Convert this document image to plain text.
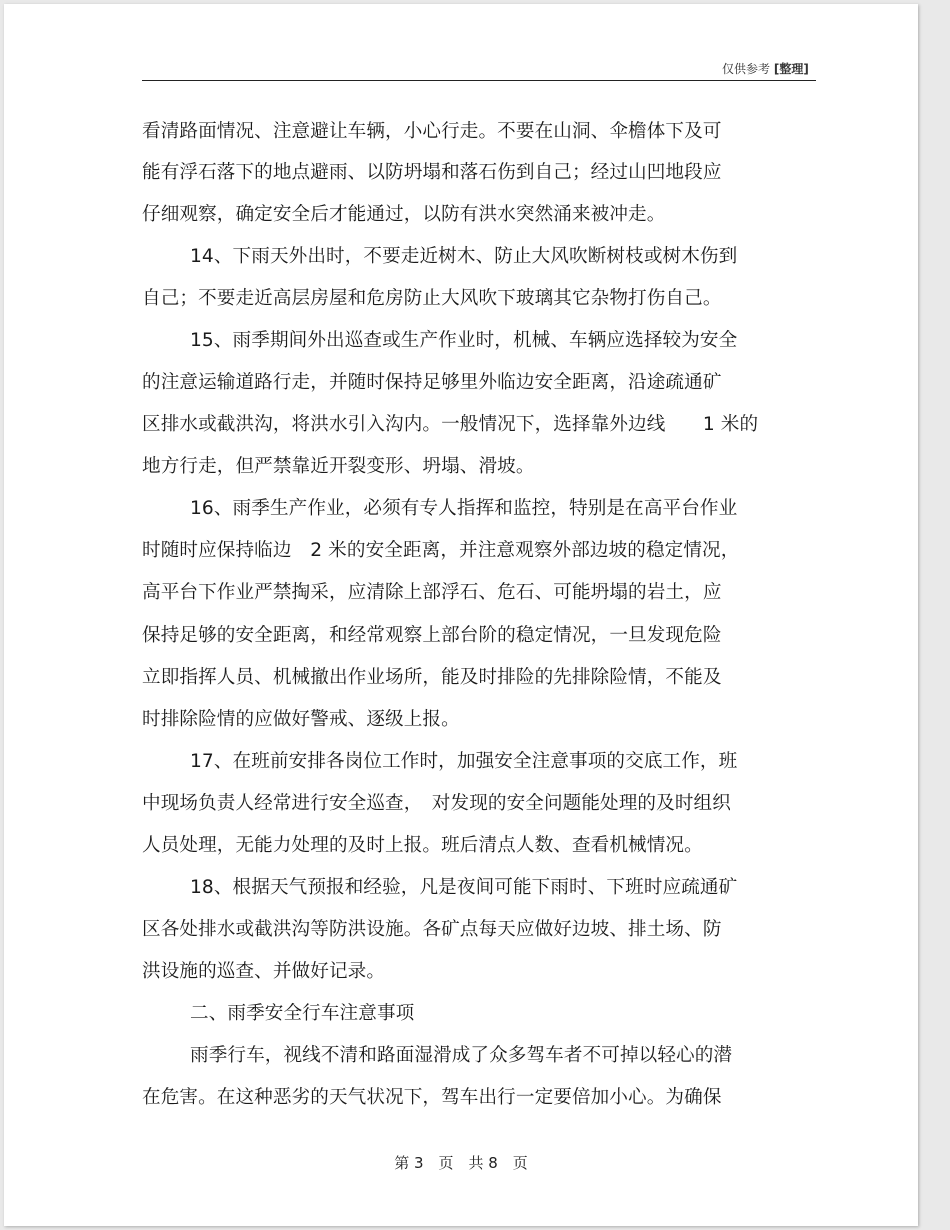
仅供参考 [整理]
看清路面情况、注意避让车辆，小心行走。不要在山洞、伞檐体下及可
能有浮石落下的地点避雨、以防坍塌和落石伤到自己；经过山凹地段应
仔细观察，确定安全后才能通过，以防有洪水突然涌来被冲走。
14、下雨天外出时，不要走近树木、防止大风吹断树枝或树木伤到
自己；不要走近高层房屋和危房防止大风吹下玻璃其它杂物打伤自己。
15、雨季期间外出巡查或生产作业时，机械、车辆应选择较为安全
的注意运输道路行走，并随时保持足够里外临边安全距离，沿途疏通矿
区排水或截洪沟，将洪水引入沟内。一般情况下，选择靠外边线　　1 米的
地方行走，但严禁靠近开裂变形、坍塌、滑坡。
16、雨季生产作业，必须有专人指挥和监控，特别是在高平台作业
时随时应保持临边　2 米的安全距离，并注意观察外部边坡的稳定情况，
高平台下作业严禁掏采，应清除上部浮石、危石、可能坍塌的岩土，应
保持足够的安全距离，和经常观察上部台阶的稳定情况，一旦发现危险
立即指挥人员、机械撤出作业场所，能及时排险的先排除险情，不能及
时排除险情的应做好警戒、逐级上报。
17、在班前安排各岗位工作时，加强安全注意事项的交底工作，班
中现场负责人经常进行安全巡查，　对发现的安全问题能处理的及时组织
人员处理，无能力处理的及时上报。班后清点人数、查看机械情况。
18、根据天气预报和经验，凡是夜间可能下雨时、下班时应疏通矿
区各处排水或截洪沟等防洪设施。各矿点每天应做好边坡、排土场、防
洪设施的巡查、并做好记录。
二、雨季安全行车注意事项
雨季行车，视线不清和路面湿滑成了众多驾车者不可掉以轻心的潜
在危害。在这种恶劣的天气状况下，驾车出行一定要倍加小心。为确保
第 3　页　共 8　页
